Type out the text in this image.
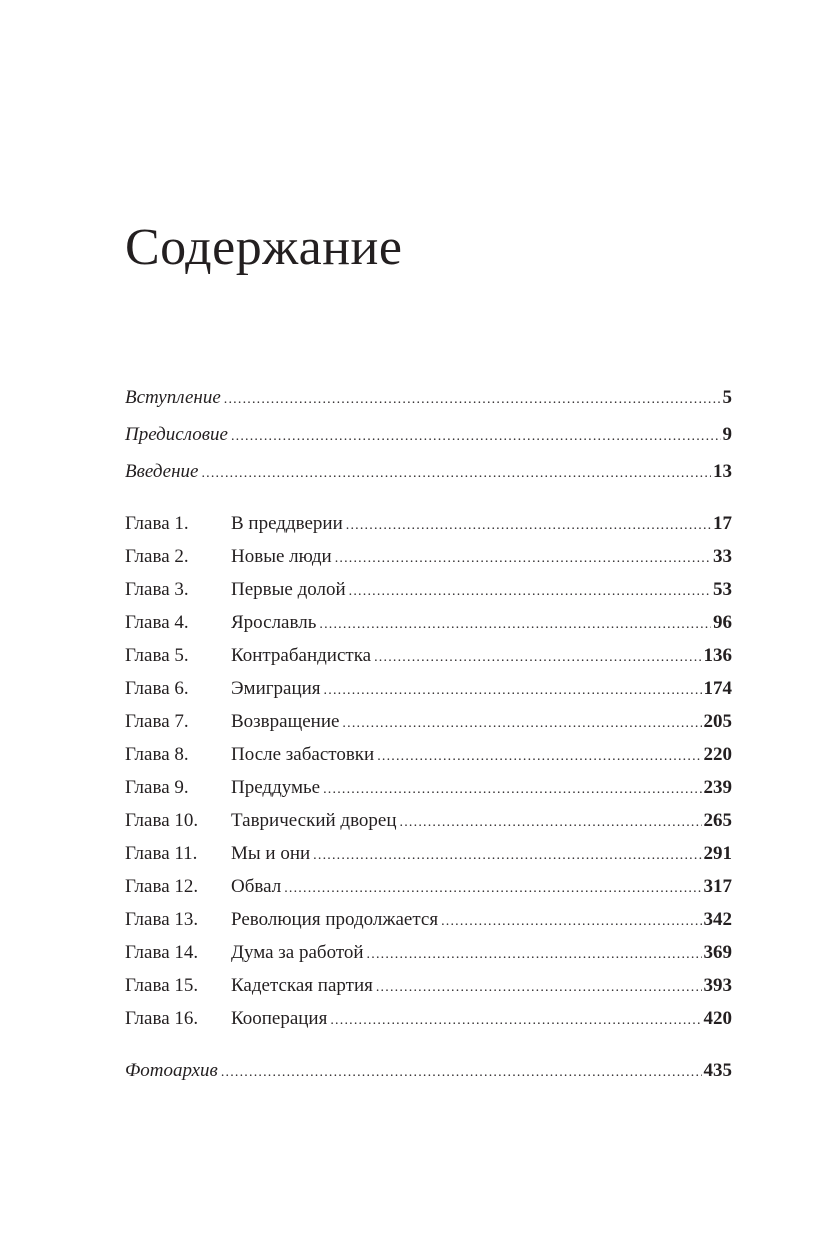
Содержание
Вступление .....	5
Предисловие .....	9
Введение .....	13
Глава 1.	В преддверии .....	17
Глава 2.	Новые люди .....	33
Глава 3.	Первые долой .....	53
Глава 4.	Ярославль .....	96
Глава 5.	Контрабандистка .....	136
Глава 6.	Эмиграция .....	174
Глава 7.	Возвращение .....	205
Глава 8.	После забастовки .....	220
Глава 9.	Преддумье .....	239
Глава 10.	Таврический дворец .....	265
Глава 11.	Мы и они .....	291
Глава 12.	Обвал .....	317
Глава 13.	Революция продолжается .....	342
Глава 14.	Дума за работой .....	369
Глава 15.	Кадетская партия .....	393
Глава 16.	Кооперация .....	420
Фотоархив .....	435
